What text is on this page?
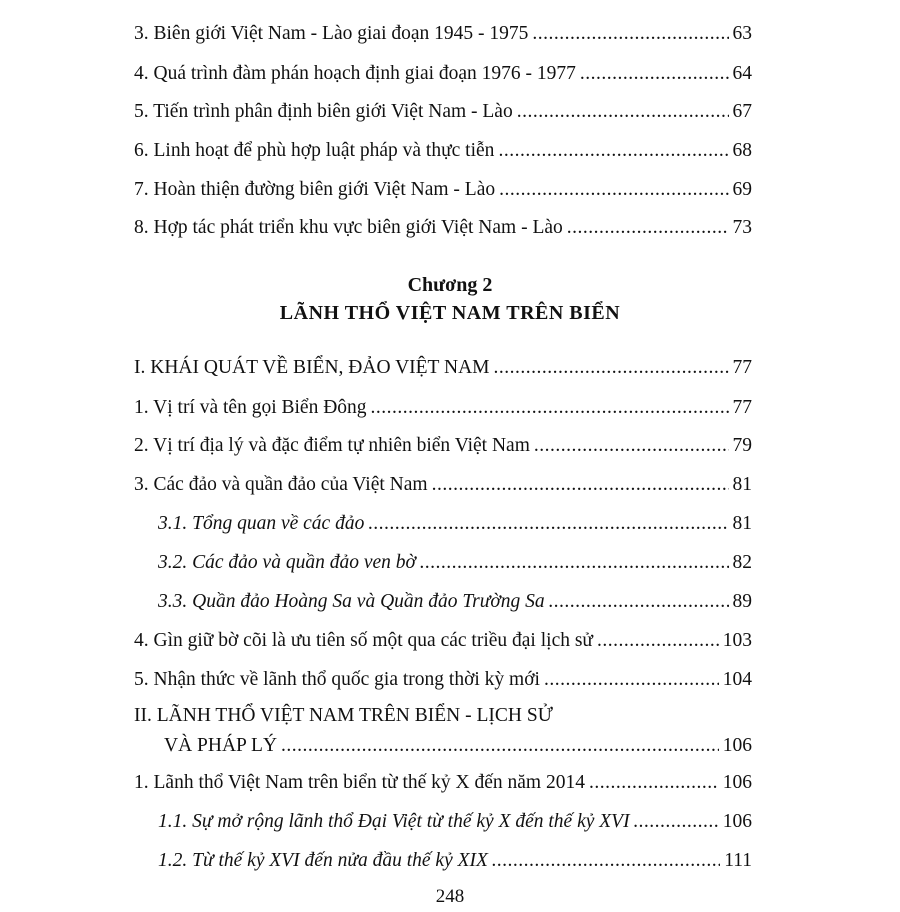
3. Biên giới Việt Nam - Lào giai đoạn 1945 - 1975 .....	63
4. Quá trình đàm phán hoạch định giai đoạn 1976 - 1977 .....	64
5. Tiến trình phân định biên giới Việt Nam - Lào .....	67
6. Linh hoạt để phù hợp luật pháp và thực tiễn .....	68
7. Hoàn thiện đường biên giới Việt Nam - Lào .....	69
8. Hợp tác phát triển khu vực biên giới Việt Nam - Lào .....	73
Chương 2
LÃNH THỔ VIỆT NAM TRÊN BIỂN
I. KHÁI QUÁT VỀ BIỂN, ĐẢO VIỆT NAM .....	77
1. Vị trí và tên gọi Biển Đông .....	77
2. Vị trí địa lý và đặc điểm tự nhiên biển Việt Nam .....	79
3. Các đảo và quần đảo của Việt Nam .....	81
3.1. Tổng quan về các đảo .....	81
3.2. Các đảo và quần đảo ven bờ .....	82
3.3. Quần đảo Hoàng Sa và Quần đảo Trường Sa .....	89
4. Gìn giữ bờ cõi là ưu tiên số một qua các triều đại lịch sử .....	103
5. Nhận thức về lãnh thổ quốc gia trong thời kỳ mới .....	104
II. LÃNH THỔ VIỆT NAM TRÊN BIỂN - LỊCH SỬ
VÀ PHÁP LÝ .....	106
1. Lãnh thổ Việt Nam trên biển từ thế kỷ X đến năm 2014 .....	106
1.1. Sự mở rộng lãnh thổ Đại Việt từ thế kỷ X đến thế kỷ XVI .....	106
1.2. Từ thế kỷ XVI đến nửa đầu thế kỷ XIX .....	111
248
